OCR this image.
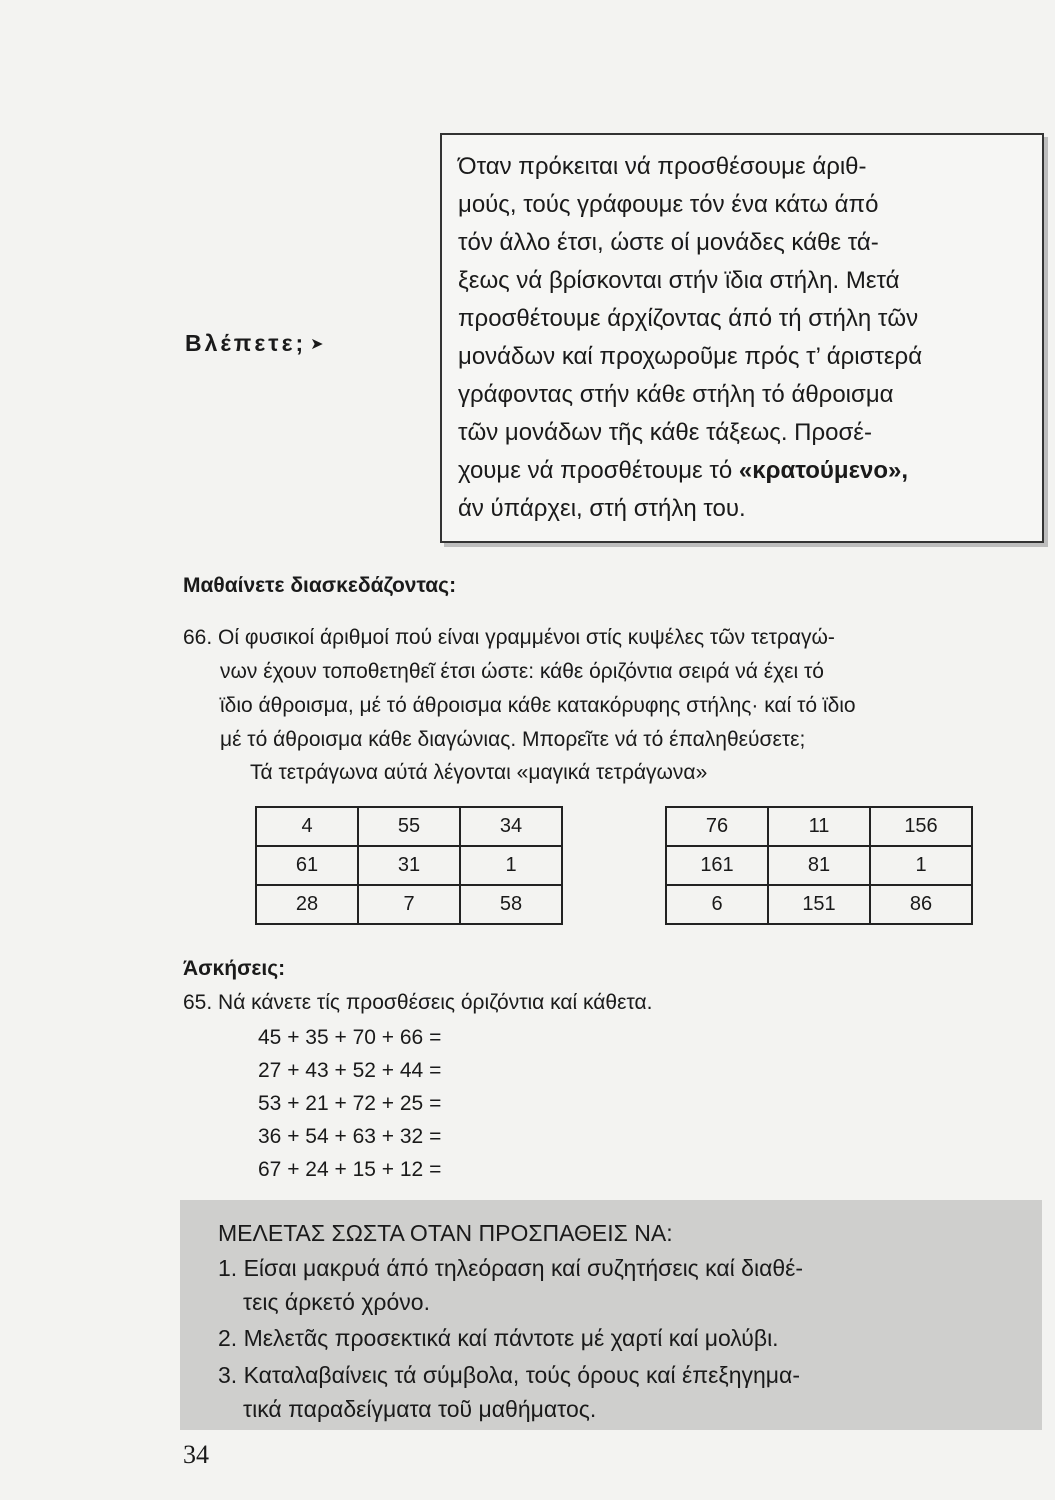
Όταν πρόκειται νά προσθέσουμε άριθ-
μούς, τούς γράφουμε τόν ένα κάτω άπό
τόν άλλο έτσι, ώστε οί μονάδες κάθε τά-
ξεως νά βρίσκονται στήν ϊδια στήλη. Μετά
προσθέτουμε άρχίζοντας άπό τή στήλη τῶν
μονάδων καί προχωροῦμε πρός τ’ άριστερά
γράφοντας στήν κάθε στήλη τό άθροισμα
τῶν μονάδων τῆς κάθε τάξεως. Προσέ-
χουμε νά προσθέτουμε τό «κρατούμενο»,
άν ύπάρχει, στή στήλη του.
Βλέπετε; ➤
Μαθαίνετε διασκεδάζοντας:
66. Οί φυσικοί άριθμοί πού είναι γραμμένοι στίς κυψέλες τῶν τετραγώ-
νων έχουν τοποθετηθεῖ έτσι ώστε: κάθε όριζόντια σειρά νά έχει τό
ϊδιο άθροισμα, μέ τό άθροισμα κάθε κατακόρυφης στήλης· καί τό ϊδιο
μέ τό άθροισμα κάθε διαγώνιας. Μπορεῖτε νά τό έπαληθεύσετε;
Τά τετράγωνα αύτά λέγονται «μαγικά τετράγωνα»
4	55	34
61	31	1
28	7	58
76	11	156
161	81	1
6	151	86
Άσκήσεις:
65. Νά κάνετε τίς προσθέσεις όριζόντια καί κάθετα.
45 + 35 + 70 + 66 =
27 + 43 + 52 + 44 =
53 + 21 + 72 + 25 =
36 + 54 + 63 + 32 =
67 + 24 + 15 + 12 =
ΜΕΛΕΤΑΣ ΣΩΣΤΑ ΟΤΑΝ ΠΡΟΣΠΑΘΕΙΣ ΝΑ:
1. Είσαι μακρυά άπό τηλεόραση καί συζητήσεις καί διαθέ-
τεις άρκετό χρόνο.
2. Μελετᾶς προσεκτικά καί πάντοτε μέ χαρτί καί μολύβι.
3. Καταλαβαίνεις τά σύμβολα, τούς όρους καί έπεξηγημα-
τικά παραδείγματα τοῦ μαθήματος.
34
